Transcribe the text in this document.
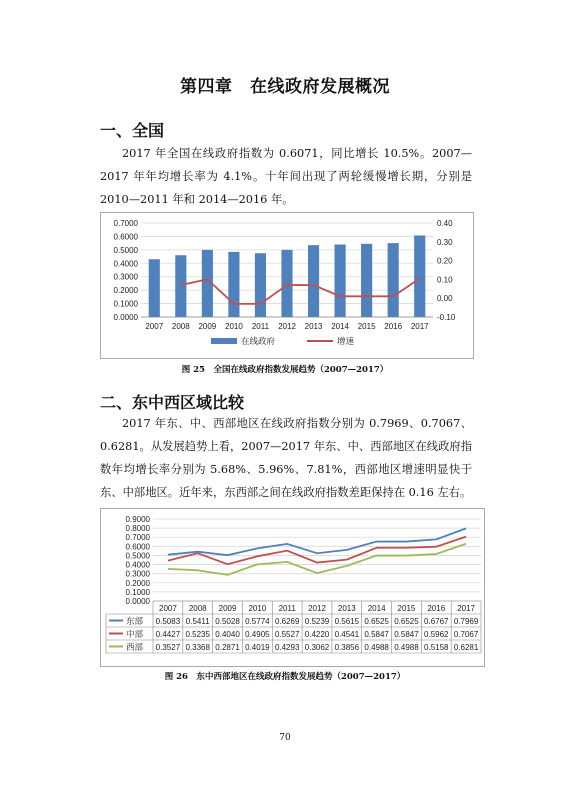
第四章　在线政府发展概况
一、全国

2017 年全国在线政府指数为 0.6071，同比增长 10.5%。2007—2017 年年均增长率为 4.1%。十年间出现了两轮缓慢增长期，分别是 2010—2011 年和 2014—2016 年。

0.0000
0.1000
0.2000
0.3000
0.4000
0.5000
0.6000
0.7000
-0.10
0.00
0.10
0.20
0.30
0.40
2007 2008 2009 2010 2011 2012 2013 2014 2015 2016 2017
在线政府	增速
图 25　全国在线政府指数发展趋势（2007—2017）
二、东中西区域比较

2017 年东、中、西部地区在线政府指数分别为 0.7969、0.7067、0.6281。从发展趋势上看，2007—2017 年东、中、西部地区在线政府指数年均增长率分别为 5.68%、5.96%、7.81%，西部地区增速明显快于东、中部地区。近年来，东西部之间在线政府指数差距保持在 0.16 左右。

0.0000
0.1000
0.2000
0.3000
0.4000
0.5000
0.6000
0.7000
0.8000
0.9000
2007 2008 2009 2010 2011 2012 2013 2014 2015 2016 2017
东部 0.5083 0.5411 0.5028 0.5774 0.6269 0.5239 0.5615 0.6525 0.6525 0.6767 0.7969
中部 0.4427 0.5235 0.4040 0.4905 0.5527 0.4220 0.4541 0.5847 0.5847 0.5962 0.7067
西部 0.3527 0.3368 0.2871 0.4019 0.4293 0.3062 0.3856 0.4988 0.4988 0.5158 0.6281
图 26　东中西部地区在线政府指数发展趋势（2007—2017）
70
